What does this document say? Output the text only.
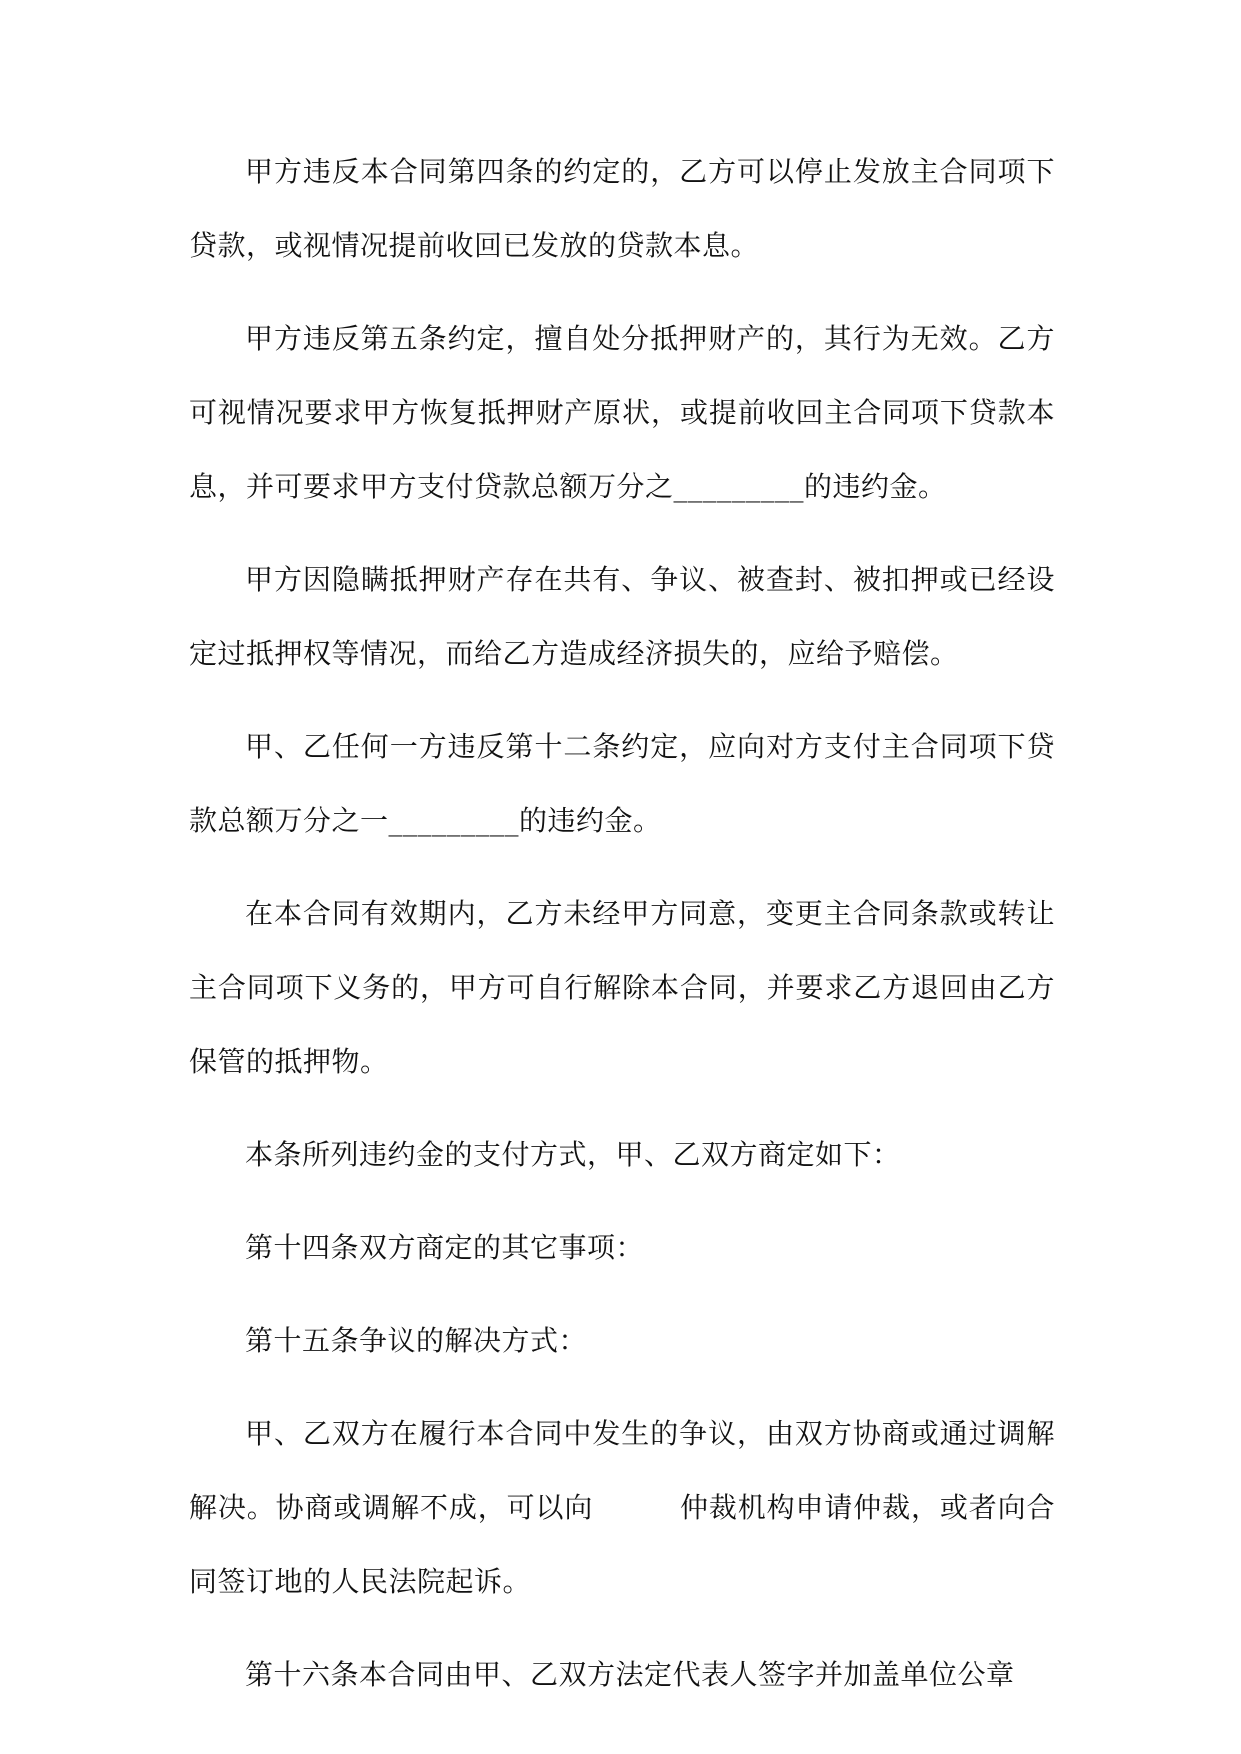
甲方违反本合同第四条的约定的，乙方可以停止发放主合同项下贷款，或视情况提前收回已发放的贷款本息。

甲方违反第五条约定，擅自处分抵押财产的，其行为无效。乙方可视情况要求甲方恢复抵押财产原状，或提前收回主合同项下贷款本息，并可要求甲方支付贷款总额万分之_________的违约金。

甲方因隐瞒抵押财产存在共有、争议、被查封、被扣押或已经设定过抵押权等情况，而给乙方造成经济损失的，应给予赔偿。

甲、乙任何一方违反第十二条约定，应向对方支付主合同项下贷款总额万分之一_________的违约金。

在本合同有效期内，乙方未经甲方同意，变更主合同条款或转让主合同项下义务的，甲方可自行解除本合同，并要求乙方退回由乙方保管的抵押物。

本条所列违约金的支付方式，甲、乙双方商定如下：

第十四条双方商定的其它事项：

第十五条争议的解决方式：

甲、乙双方在履行本合同中发生的争议，由双方协商或通过调解解决。协商或调解不成，可以向　　　仲裁机构申请仲裁，或者向合同签订地的人民法院起诉。

第十六条本合同由甲、乙双方法定代表人签字并加盖单位公章
